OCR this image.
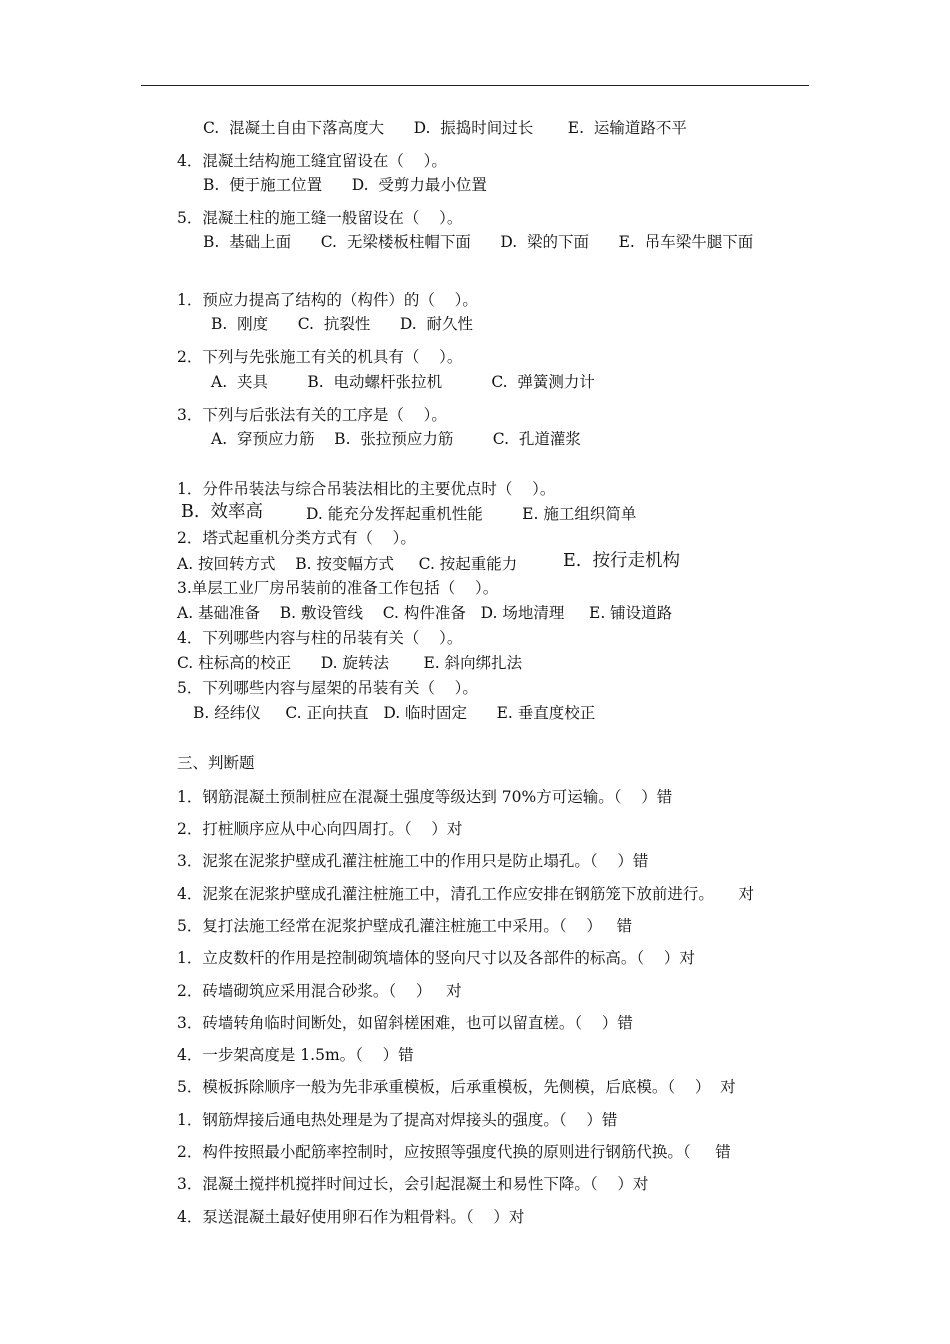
C.  混凝土自由下落高度大      D.  振捣时间过长       E.  运输道路不平
4．混凝土结构施工缝宜留设在（    ）。
B.  便于施工位置      D.  受剪力最小位置
5．混凝土柱的施工缝一般留设在（    ）。
B.  基础上面      C.  无梁楼板柱帽下面      D.  梁的下面      E.  吊车梁牛腿下面
1．预应力提高了结构的（构件）的（    ）。
B.  刚度      C.  抗裂性      D.  耐久性
2．下列与先张施工有关的机具有（    ）。
A.  夹具        B.  电动螺杆张拉机          C.  弹簧测力计
3．下列与后张法有关的工序是（    ）。
A.  穿预应力筋    B.  张拉预应力筋        C.  孔道灌浆
1．分件吊装法与综合吊装法相比的主要优点时（    ）。
B.  效率高	D. 能充分发挥起重机性能        E. 施工组织简单
2．塔式起重机分类方式有（    ）。
A. 按回转方式    B. 按变幅方式     C. 按起重能力	E.  按行走机构
3.单层工业厂房吊装前的准备工作包括（    ）。
A. 基础准备    B. 敷设管线    C. 构件准备   D. 场地清理     E. 铺设道路
4．下列哪些内容与柱的吊装有关（    ）。
C. 柱标高的校正      D. 旋转法       E. 斜向绑扎法
5．下列哪些内容与屋架的吊装有关（    ）。
B. 经纬仪     C. 正向扶直   D. 临时固定      E. 垂直度校正
三、判断题
1．钢筋混凝土预制桩应在混凝土强度等级达到 70%方可运输。（    ）错
2．打桩顺序应从中心向四周打。（    ）对
3．泥浆在泥浆护壁成孔灌注桩施工中的作用只是防止塌孔。（    ）错
4．泥浆在泥浆护壁成孔灌注桩施工中，清孔工作应安排在钢筋笼下放前进行。     对
5．复打法施工经常在泥浆护壁成孔灌注桩施工中采用。（    ）   错
1．立皮数杆的作用是控制砌筑墙体的竖向尺寸以及各部件的标高。（    ）对
2．砖墙砌筑应采用混合砂浆。（    ）   对
3．砖墙转角临时间断处，如留斜槎困难，也可以留直槎。（    ）错
4．一步架高度是 1.5m。（    ）错
5．模板拆除顺序一般为先非承重模板，后承重模板，先侧模，后底模。（    ）  对
1．钢筋焊接后通电热处理是为了提高对焊接头的强度。（    ）错
2．构件按照最小配筋率控制时，应按照等强度代换的原则进行钢筋代换。（     错
3．混凝土搅拌机搅拌时间过长，会引起混凝土和易性下降。（    ）对
4．泵送混凝土最好使用卵石作为粗骨料。（    ）对
